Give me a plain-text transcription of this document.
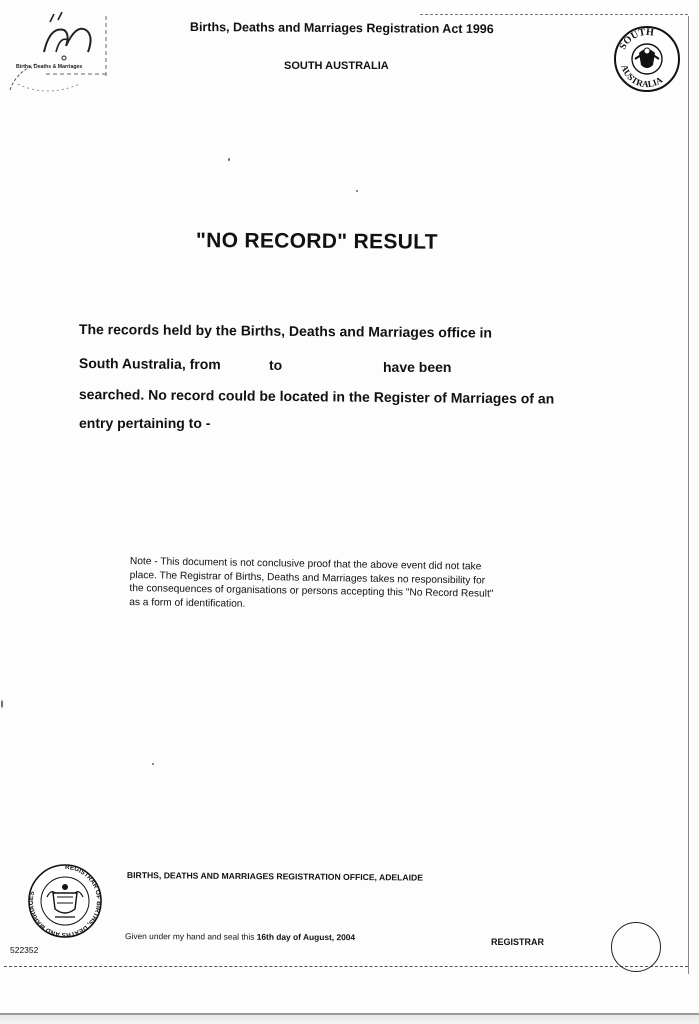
Births, Deaths & Marriages
Births, Deaths and Marriages Registration Act 1996
SOUTH AUSTRALIA
SOUTH
AUSTRALIA
"NO RECORD" RESULT
The records held by the Births, Deaths and Marriages office in
South Australia, from	to	have been
searched. No record could be located in the Register of Marriages of an
entry pertaining to -
Note - This document is not conclusive proof that the above event did not take
place. The Registrar of Births, Deaths and Marriages takes no responsibility for
the consequences of organisations or persons accepting this "No Record Result"
as a form of identification.
REGISTRAR OF BIRTHS, DEATHS AND MARRIAGES
BIRTHS, DEATHS AND MARRIAGES REGISTRATION OFFICE, ADELAIDE
Given under my hand and seal this 16th day of August, 2004	REGISTRAR
522352
